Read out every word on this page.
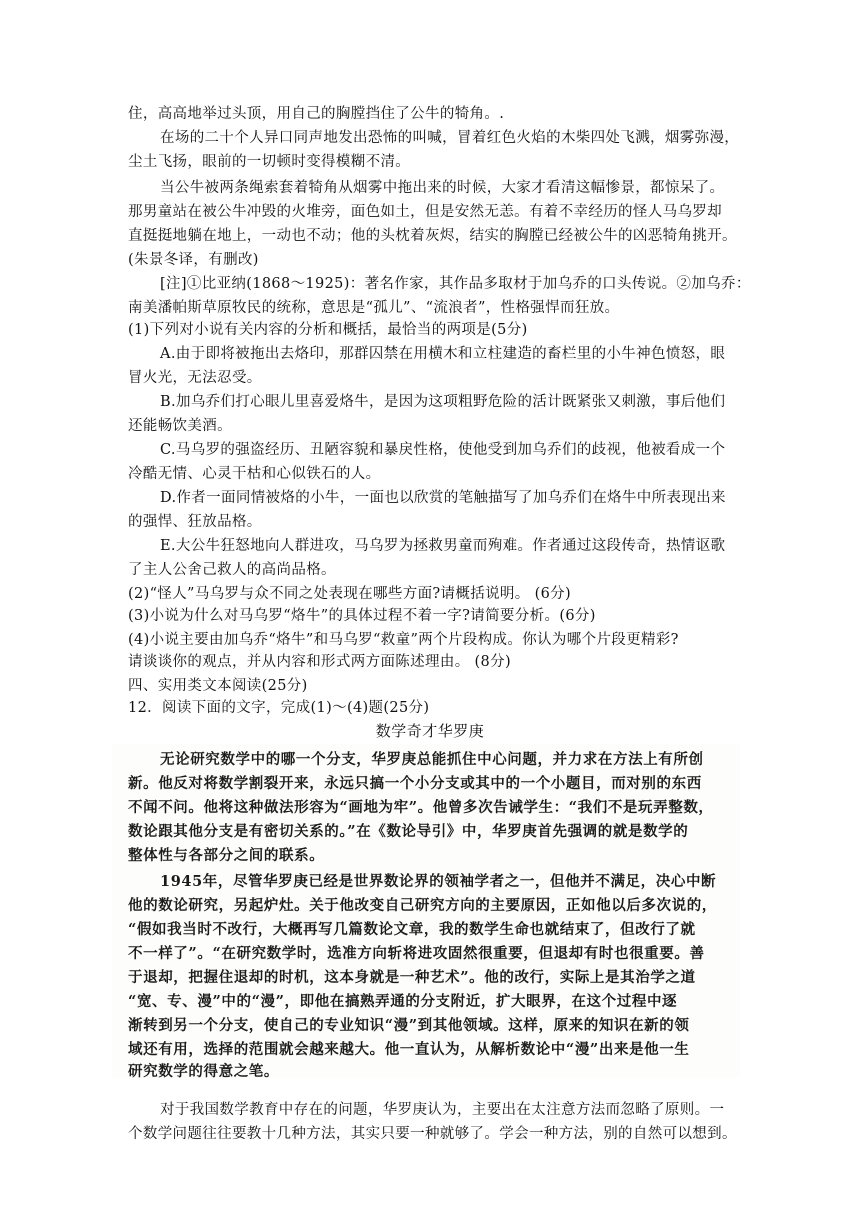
住，高高地举过头顶，用自己的胸膛挡住了公牛的犄角。.
在场的二十个人异口同声地发出恐怖的叫喊，冒着红色火焰的木柴四处飞溅，烟雾弥漫，
尘土飞扬，眼前的一切顿时变得模糊不清。
当公牛被两条绳索套着犄角从烟雾中拖出来的时候，大家才看清这幅惨景，都惊呆了。
那男童站在被公牛冲毁的火堆旁，面色如土，但是安然无恙。有着不幸经历的怪人马乌罗却
直挺挺地躺在地上，一动也不动；他的头枕着灰烬，结实的胸膛已经被公牛的凶恶犄角挑开。
(朱景冬译，有删改)
[注]①比亚纳(1868～1925)：著名作家，其作品多取材于加乌乔的口头传说。②加乌乔：
南美潘帕斯草原牧民的统称，意思是“孤儿”、“流浪者”，性格强悍而狂放。
(1)下列对小说有关内容的分析和概括，最恰当的两项是(5分)
A.由于即将被拖出去烙印，那群囚禁在用横木和立柱建造的畜栏里的小牛神色愤怒，眼
冒火光，无法忍受。
B.加乌乔们打心眼儿里喜爱烙牛，是因为这项粗野危险的活计既紧张又刺激，事后他们
还能畅饮美酒。
C.马乌罗的强盗经历、丑陋容貌和暴戾性格，使他受到加乌乔们的歧视，他被看成一个
冷酷无情、心灵干枯和心似铁石的人。
D.作者一面同情被烙的小牛，一面也以欣赏的笔触描写了加乌乔们在烙牛中所表现出来
的强悍、狂放品格。
E.大公牛狂怒地向人群进攻，马乌罗为拯救男童而殉难。作者通过这段传奇，热情讴歌
了主人公舍己救人的高尚品格。
(2)“怪人”马乌罗与众不同之处表现在哪些方面?请概括说明。 (6分)
(3)小说为什么对马乌罗“烙牛”的具体过程不着一字?请简要分析。(6分)
(4)小说主要由加乌乔“烙牛”和马乌罗“救童”两个片段构成。你认为哪个片段更精彩?
请谈谈你的观点，并从内容和形式两方面陈述理由。 (8分)
四、实用类文本阅读(25分)
12．阅读下面的文字，完成(1)～(4)题(25分)
数学奇才华罗庚
无论研究数学中的哪一个分支，华罗庚总能抓住中心问题，并力求在方法上有所创
新。他反对将数学割裂开来，永远只搞一个小分支或其中的一个小题目，而对别的东西
不闻不问。他将这种做法形容为“画地为牢”。他曾多次告诫学生：“我们不是玩弄整数，
数论跟其他分支是有密切关系的。”在《数论导引》中，华罗庚首先强调的就是数学的
整体性与各部分之间的联系。
1945年，尽管华罗庚已经是世界数论界的领袖学者之一，但他并不满足，决心中断
他的数论研究，另起炉灶。关于他改变自己研究方向的主要原因，正如他以后多次说的，
“假如我当时不改行，大概再写几篇数论文章，我的数学生命也就结束了，但改行了就
不一样了”。“在研究数学时，选准方向斩将进攻固然很重要，但退却有时也很重要。善
于退却，把握住退却的时机，这本身就是一种艺术”。他的改行，实际上是其治学之道
“宽、专、漫”中的“漫”，即他在搞熟弄通的分支附近，扩大眼界，在这个过程中逐
渐转到另一个分支，使自己的专业知识“漫”到其他领域。这样，原来的知识在新的领
域还有用，选择的范围就会越来越大。他一直认为，从解析数论中“漫”出来是他一生
研究数学的得意之笔。
对于我国数学教育中存在的问题，华罗庚认为，主要出在太注意方法而忽略了原则。一
个数学问题往往要教十几种方法，其实只要一种就够了。学会一种方法，别的自然可以想到。
